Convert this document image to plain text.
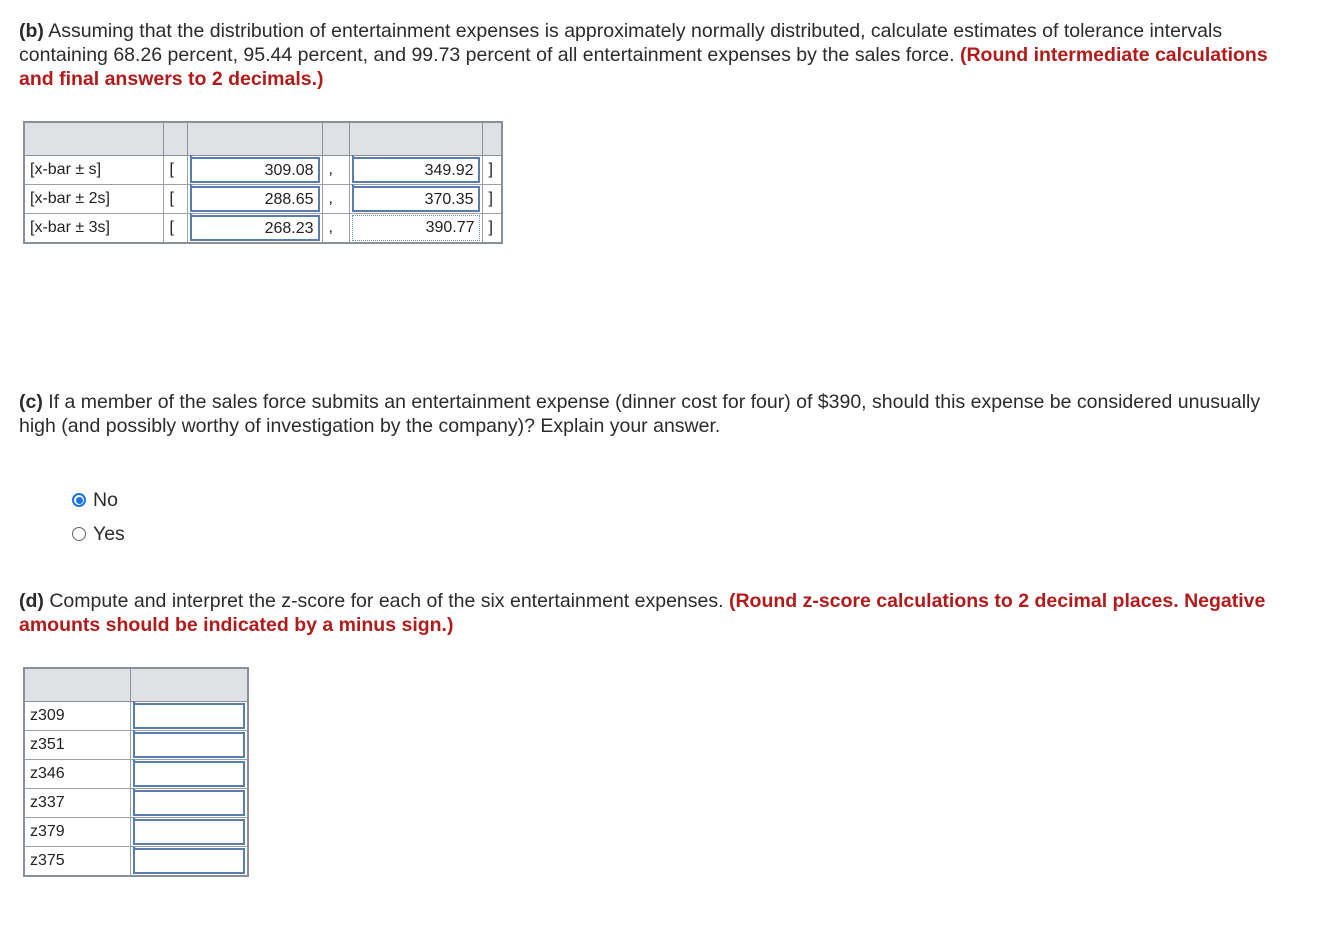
(b) Assuming that the distribution of entertainment expenses is approximately normally distributed, calculate estimates of tolerance intervals containing 68.26 percent, 95.44 percent, and 99.73 percent of all entertainment expenses by the sales force. (Round intermediate calculations and final answers to 2 decimals.)

[x-bar ± s]	[	309.08	,	349.92	]
[x-bar ± 2s]	[	288.65	,	370.35	]
[x-bar ± 3s]	[	268.23	,	390.77	]
(c) If a member of the sales force submits an entertainment expense (dinner cost for four) of $390, should this expense be considered unusually high (and possibly worthy of investigation by the company)? Explain your answer.
No
Yes
(d) Compute and interpret the z-score for each of the six entertainment expenses. (Round z-score calculations to 2 decimal places. Negative amounts should be indicated by a minus sign.)

z309	

z351	

z346	

z337	

z379	

z375	
